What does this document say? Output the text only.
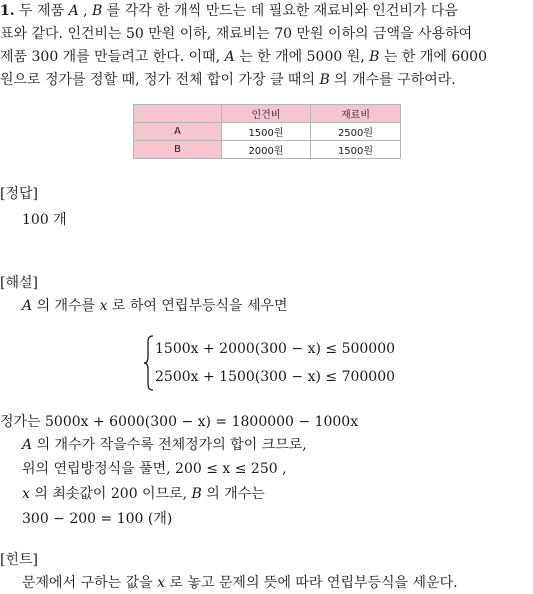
1. 두 제품 A , B 를 각각 한 개씩 만드는 데 필요한 재료비와 인건비가 다음
표와 같다. 인건비는 50 만원 이하, 재료비는 70 만원 이하의 금액을 사용하여
제품 300 개를 만들려고 한다. 이때, A 는 한 개에 5000 원, B 는 한 개에 6000
원으로 정가를 정할 때, 정가 전체 합이 가장 클 때의 B 의 개수를 구하여라.
	인건비	재료비
A	1500원	2500원
B	2000원	1500원
[정답]
100 개
[해설]
A 의 개수를 x 로 하여 연립부등식을 세우면
1500x + 2000(300 − x) ≤ 500000
2500x + 1500(300 − x) ≤ 700000
정가는 5000x + 6000(300 − x) = 1800000 − 1000x
A 의 개수가 작을수록 전체정가의 합이 크므로,
위의 연립방정식을 풀면, 200 ≤ x ≤ 250 ,
x 의 최솟값이 200 이므로, B 의 개수는
300 − 200 = 100 (개)
[힌트]
문제에서 구하는 값을 x 로 놓고 문제의 뜻에 따라 연립부등식을 세운다.
